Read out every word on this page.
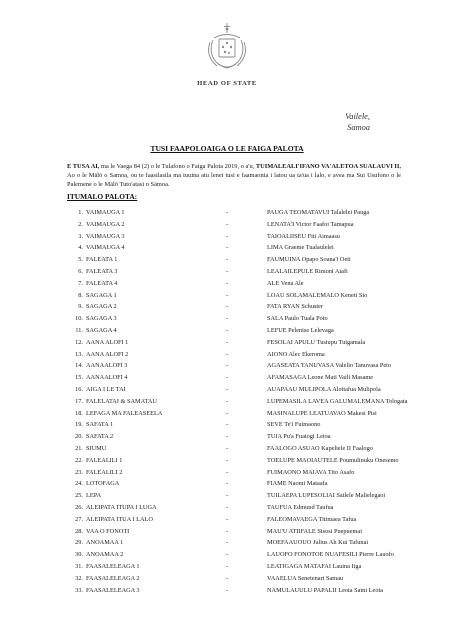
HEAD OF STATE
Vailele,
Samoa
TUSI FAAPOLOAIGA O LE FAIGA PALOTA
E TUSA AI, ma le Vaega 84 (2) o le Tulafono o Faiga Palota 2019, o a'u, TUIMALEALI'IFANO VA'ALETOA SUALAUVI II, Ao o le Mālō o Samoa, ou te faasilasila ma tuuina atu lenei tusi e faamaonia i latou ua ta'ua i lalo, e avea ma Sui Usufono o le Palemene o le Mālō Tuto'atasi o Sāmoa.
ITUMALO PALOTA:
1. VAIMAUGA 1	-	PAUGA TEOMATAVUI Talalelei Pauga
2. VAIMAUGA 2	-	LENATA'I Victor Faafoi Tamapua
3. VAIMAUGA 3	-	TAIOALIISEU Fiti Aimaasu
4. VAIMAUGA 4	-	LIMA Graeme Tualaulelei
5. FALEATA 1	-	FAUMUINA Opapo Soana'i Oeti
6. FALEATA 3	-	LEALAILEPULE Rimoni Aiafi
7. FALEATA 4	-	ALE Vena Ale
8. SAGAGA 1	-	LOAU SOLAMALEMALO Keneti Sio
9. SAGAGA 2	-	FATA RYAN Schuster
10. SAGAGA 3	-	SALA Paulo Tuala Poto
11. SAGAGA 4	-	LEFUE Pelenise Lelevaga
12. AANA ALOFI 1	-	FESOLAI APULU Tusiupu Tuigamala
13. AANA ALOFI 2	-	AIONO Alec Ekeroma
14. AANAALOFI 3	-	AGASEATA TANUVASA Valelio Tanuvasa Peto
15. AANAALOFI 4	-	AFAMASAGA Leone Mati Vaili Masame
16. AIGA I LE TAI	-	AUAPAAU MULIPOLA Aloitafua Mulipola
17. FALELATAI & SAMATAU	-	LUPEMASILA LAVEA GALUMALEMANA Tologata
18. LEFAGA MA FALEASEELA	-	MASINALUPE LEATUAVAO Makesi Pisi
19. SAFATA 1	-	SEVE Te'i Fuimaono
20. SAFATA 2	-	TUIA Pu'a Fuatogi Letoa
21. SIUMU	-	FAALOGO ASUAO Kapeliele II Faalogo
22. FALEALILI 1	-	TOELUPE MAOIAUTELE Poumulinuku Onesemo
23. FALEALILI 2	-	FUIMAONO MAIAVA Tito Asafo
24. LOTOFAGA	-	FIAME Naomi Mataafa
25. LEPA	-	TUILAEPA LUPESOLIAI Sailele Malielegaoi
26. ALEIPATA ITUPA I LUGA	-	TAUFUA Edmund Taufua
27. ALEIPATA ITUA I LALO	-	FALEOMAVAEGA Titimaea Tafua
28. VAA O FONOTI	-	MAU'U ATIIFALE Sisosi Puepuemai
29. ANOAMAA 1	-	MOEFAAUOUO Julius Ah Kui Tafunai
30. ANOAMAA 2	-	LAUOFO FONOTOE NUAFESILI Pierre Lauofo
31. FAASALELEAGA 1	-	LEATIGAGA MATAFAI Lauina Iiga
32. FAASALELEAGA 2	-	VAAELUA Senetenari Samau
33. FAASALELEAGA 3	-	NAMULAUULU PAPALII Leota Sami Leota
